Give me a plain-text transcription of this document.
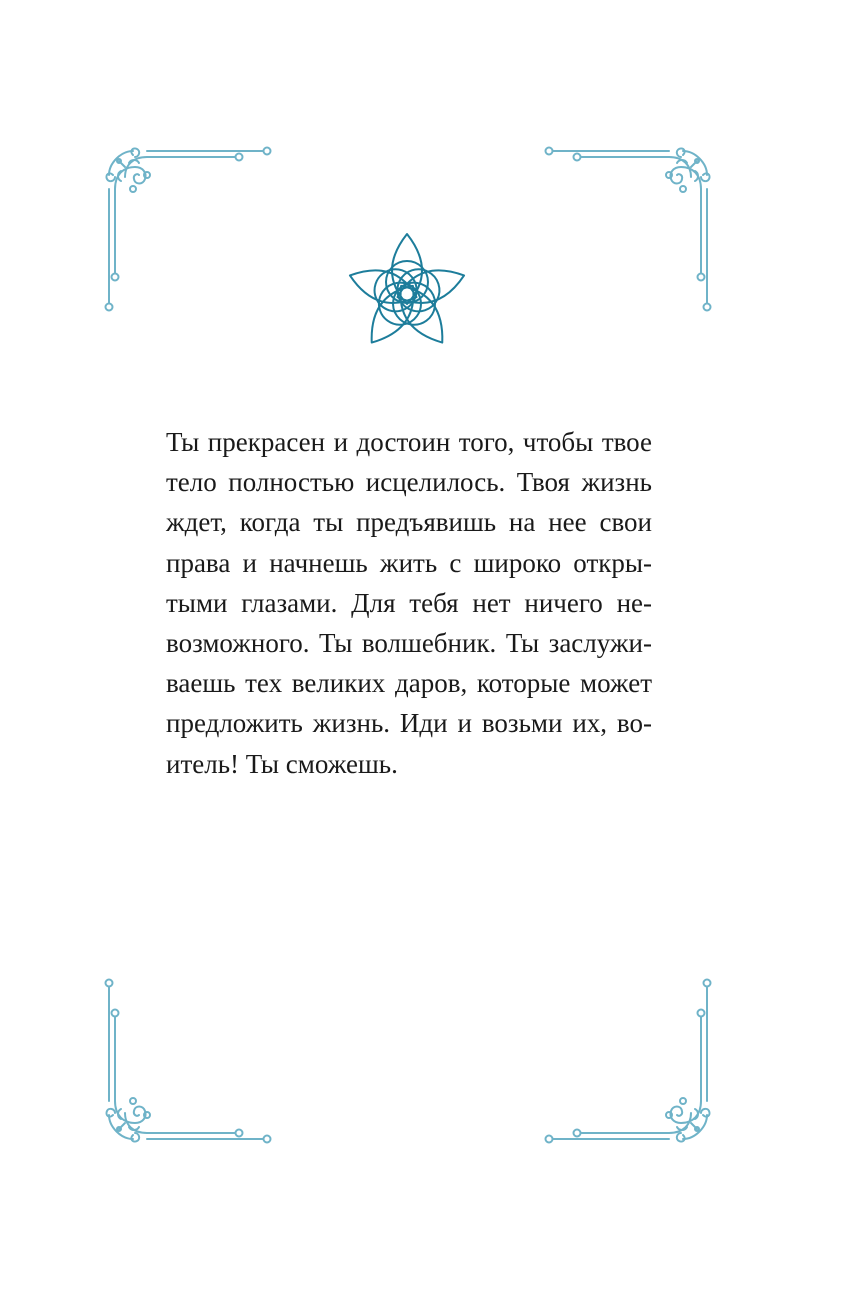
Ты прекрасен и достоин того, чтобы твое
тело полностью исцелилось. Твоя жизнь
ждет, когда ты предъявишь на нее свои
права и начнешь жить с широко откры-
тыми глазами. Для тебя нет ничего не-
возможного. Ты волшебник. Ты заслужи-
ваешь тех великих даров, которые может
предложить жизнь. Иди и возьми их, во-
итель! Ты сможешь.
